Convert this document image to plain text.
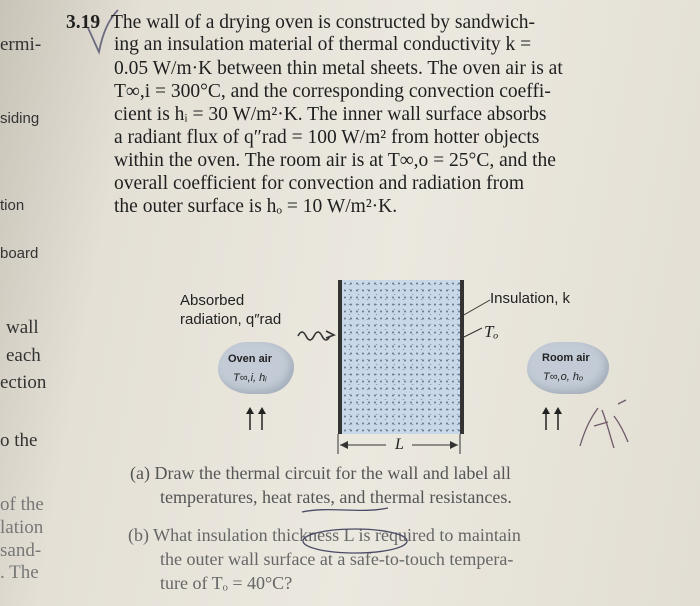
ermi-
siding
tion
board
wall
each
ection
o the
of the
lation
sand-
. The
3.19 The wall of a drying oven is constructed by sandwich-
ing an insulation material of thermal conductivity k =
0.05 W/m·K between thin metal sheets. The oven air is at
T∞,i = 300°C, and the corresponding convection coeffi-
cient is hᵢ = 30 W/m²·K. The inner wall surface absorbs
a radiant flux of q″rad = 100 W/m² from hotter objects
within the oven. The room air is at T∞,o = 25°C, and the
overall coefficient for convection and radiation from
the outer surface is hₒ = 10 W/m²·K.
Absorbed
radiation, q″rad
Insulation, k
Tₒ
Oven air
T∞,i, hᵢ
Room air
T∞,o, hₒ
L
(a) Draw the thermal circuit for the wall and label all
temperatures, heat rates, and thermal resistances.
(b) What insulation thickness L is required to maintain
the outer wall surface at a safe-to-touch tempera-
ture of Tₒ = 40°C?
